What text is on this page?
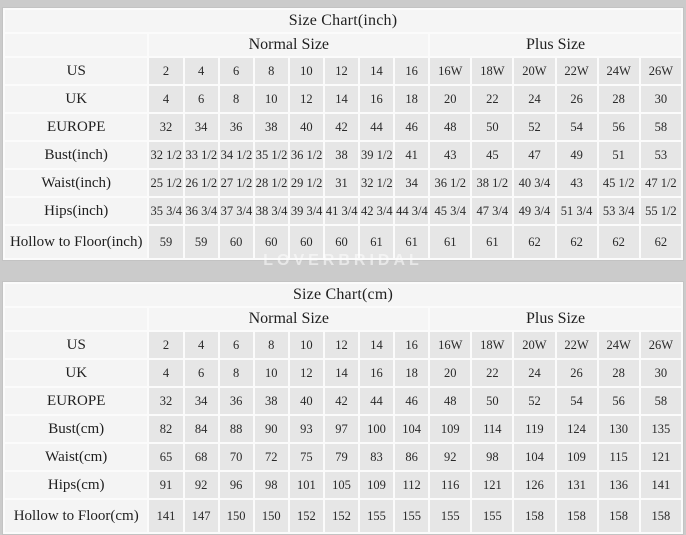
Size Chart(inch)														
	Normal Size								Plus Size					
US	2	4	6	8	10	12	14	16	16W	18W	20W	22W	24W	26W
UK	4	6	8	10	12	14	16	18	20	22	24	26	28	30
EUROPE	32	34	36	38	40	42	44	46	48	50	52	54	56	58
Bust(inch)	32 1/2	33 1/2	34 1/2	35 1/2	36 1/2	38	39 1/2	41	43	45	47	49	51	53
Waist(inch)	25 1/2	26 1/2	27 1/2	28 1/2	29 1/2	31	32 1/2	34	36 1/2	38 1/2	40 3/4	43	45 1/2	47 1/2
Hips(inch)	35 3/4	36 3/4	37 3/4	38 3/4	39 3/4	41 3/4	42 3/4	44 3/4	45 3/4	47 3/4	49 3/4	51 3/4	53 3/4	55 1/2
Hollow to Floor(inch)	59	59	60	60	60	60	61	61	61	61	62	62	62	62
Size Chart(cm)														
	Normal Size								Plus Size					
US	2	4	6	8	10	12	14	16	16W	18W	20W	22W	24W	26W
UK	4	6	8	10	12	14	16	18	20	22	24	26	28	30
EUROPE	32	34	36	38	40	42	44	46	48	50	52	54	56	58
Bust(cm)	82	84	88	90	93	97	100	104	109	114	119	124	130	135
Waist(cm)	65	68	70	72	75	79	83	86	92	98	104	109	115	121
Hips(cm)	91	92	96	98	101	105	109	112	116	121	126	131	136	141
Hollow to Floor(cm)	141	147	150	150	152	152	155	155	155	155	158	158	158	158
LOVERBRIDAL
